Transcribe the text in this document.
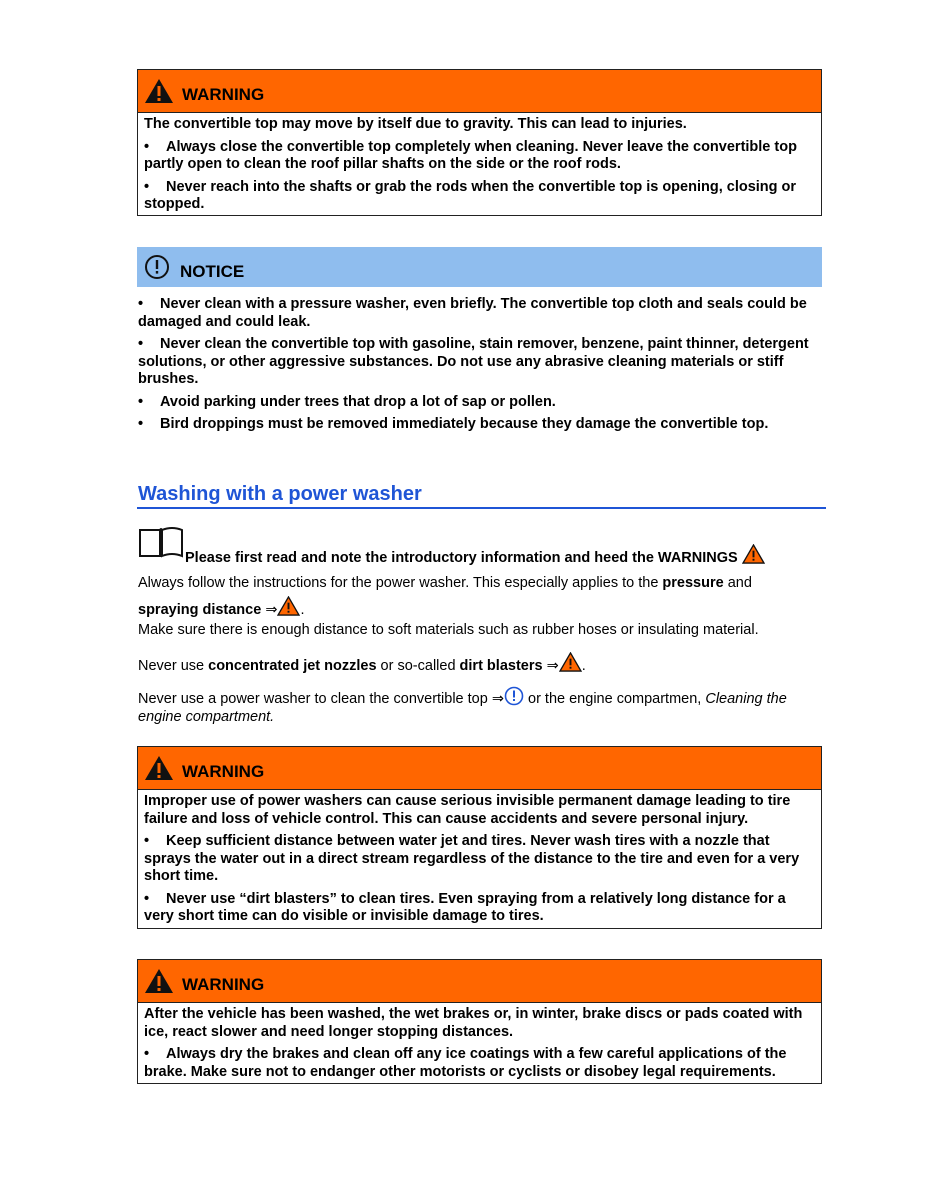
WARNING

The convertible top may move by itself due to gravity. This can lead to injuries.

• Always close the convertible top completely when cleaning. Never leave the convertible top partly open to clean the roof pillar shafts on the side or the roof rods.

• Never reach into the shafts or grab the rods when the convertible top is opening, closing or stopped.

NOTICE

• Never clean with a pressure washer, even briefly. The convertible top cloth and seals could be damaged and could leak.

• Never clean the convertible top with gasoline, stain remover, benzene, paint thinner, detergent solutions, or other aggressive substances. Do not use any abrasive cleaning materials or stiff brushes.

• Avoid parking under trees that drop a lot of sap or pollen.

• Bird droppings must be removed immediately because they damage the convertible top.

Washing with a power washer
Please first read and note the introductory information and heed the WARNINGS
Always follow the instructions for the power washer. This especially applies to the pressure and
spraying distance ⇒ .
Make sure there is enough distance to soft materials such as rubber hoses or insulating material.
Never use concentrated jet nozzles or so-called dirt blasters ⇒ .
Never use a power washer to clean the convertible top ⇒ or the engine compartmen, Cleaning the engine compartment.
WARNING

Improper use of power washers can cause serious invisible permanent damage leading to tire failure and loss of vehicle control. This can cause accidents and severe personal injury.

• Keep sufficient distance between water jet and tires. Never wash tires with a nozzle that sprays the water out in a direct stream regardless of the distance to the tire and even for a very short time.

• Never use “dirt blasters” to clean tires. Even spraying from a relatively long distance for a very short time can do visible or invisible damage to tires.

WARNING

After the vehicle has been washed, the wet brakes or, in winter, brake discs or pads coated with ice, react slower and need longer stopping distances.

• Always dry the brakes and clean off any ice coatings with a few careful applications of the brake. Make sure not to endanger other motorists or cyclists or disobey legal requirements.
